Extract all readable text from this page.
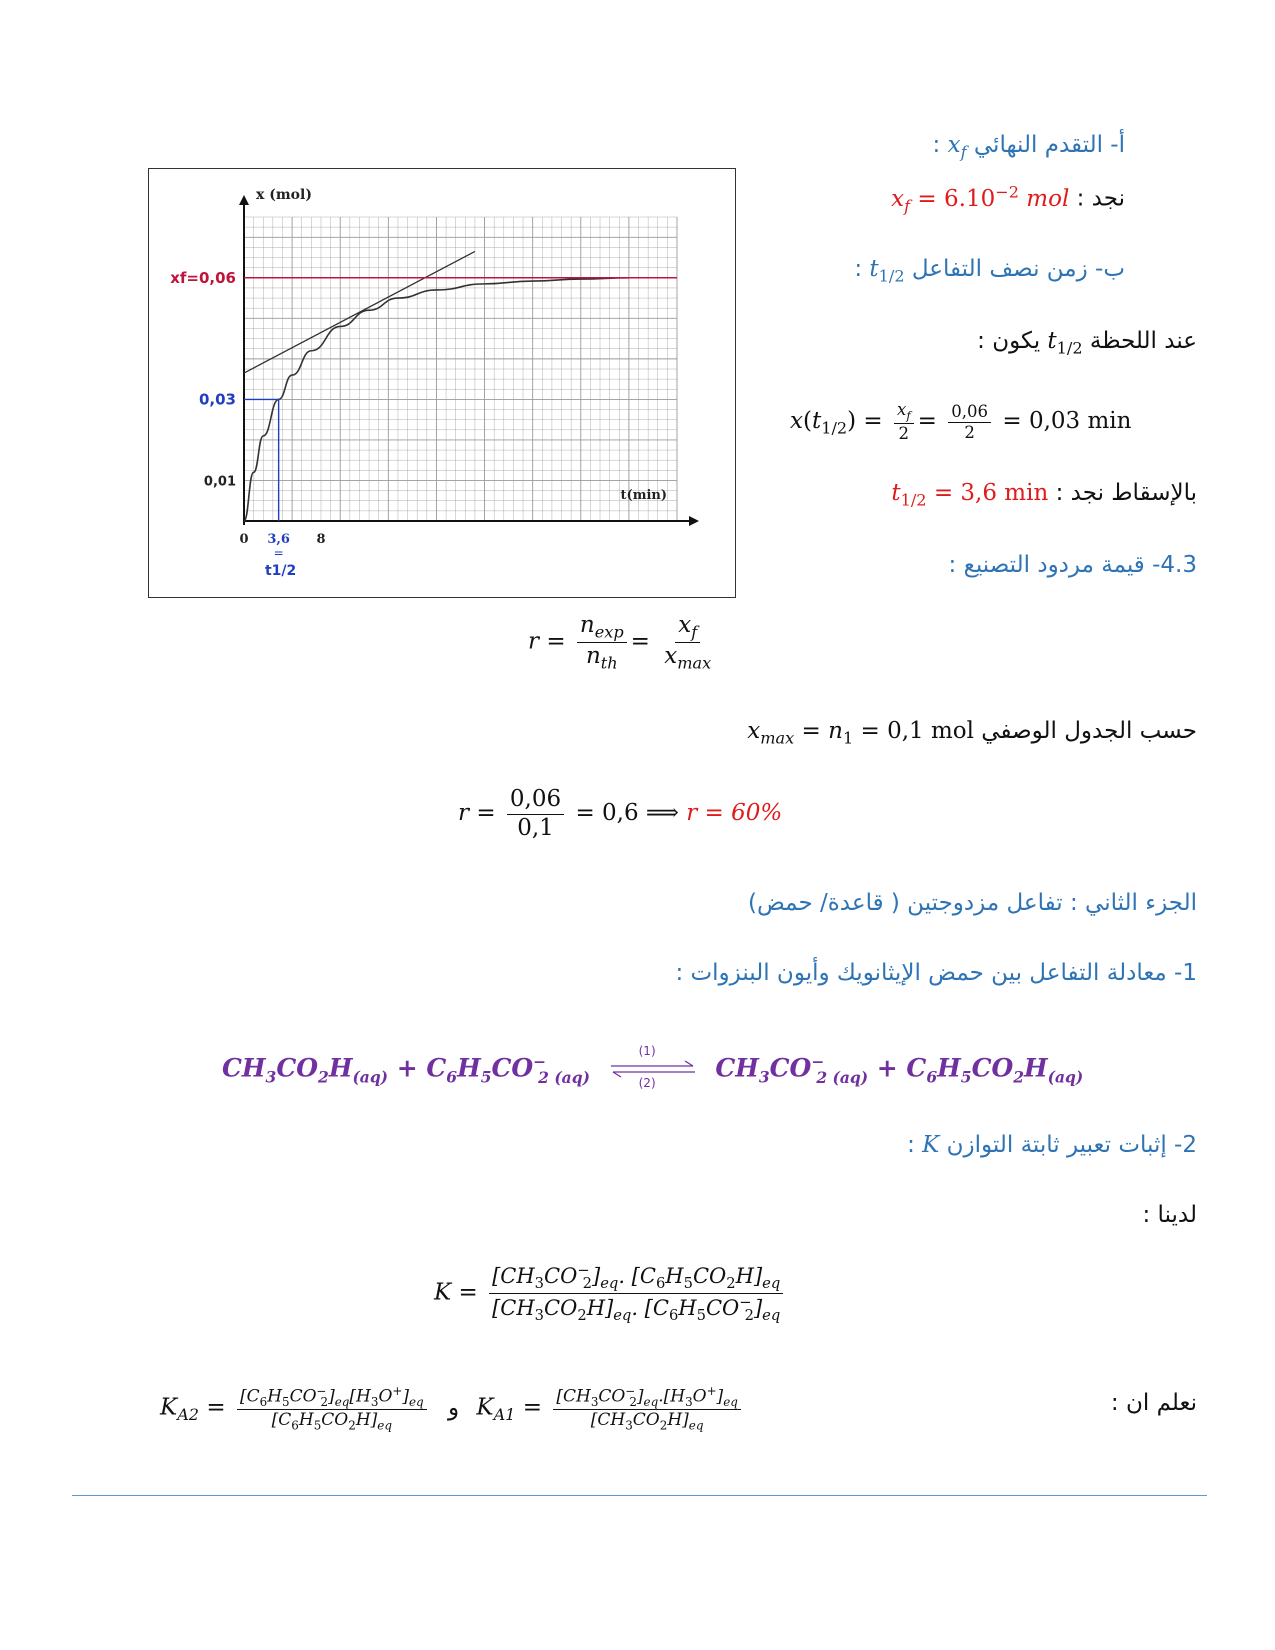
أ- التقدم النهائي $x_f$ :
نجد : $x_f = 6.10^{-2}$ mol
ب- زمن نصف التفاعل $t_{1/2}$ :
عند اللحظة $t_{1/2}$ يكون :
$x(t_{1/2}) = \frac{x_f}{2} = \frac{0,06}{2} = 0,03$ min
بالإسقاط نجد : $t_{1/2} = 3,6$ min
4.3- قيمة مردود التصنيع :
0 3,6 8
0,01
0,03
xf=0,06
x (mol)
t(min)
=
t1/2
$r = \frac{n_{exp}}{n_{th}} = \frac{x_f}{x_{max}}$
حسب الجدول الوصفي $x_{max} = n_1 = 0,1$ mol
$r = \frac{0,06}{0,1} = 0,6$ ⟹ r = 60%
الجزء الثاني : تفاعل مزدوجتين ( قاعدة/ حمض)
1- معادلة التفاعل بين حمض الإيثانويك وأيون البنزوات :
$CH_3CO_2H_{(aq)} + C_6H_5CO^-_{2 (aq)}$
(1)
(2)
$CH_3CO^-_{2 (aq)} + C_6H_5CO_2H_{(aq)}$
2- إثبات تعبير ثابتة التوازن K :
لدينا :
$K = \frac{[CH_3CO^-_2]_{eq}. [C_6H_5CO_2H]_{eq}}{[CH_3CO_2H]_{eq}. [C_6H_5CO^-_2]_{eq}}$
$K_{A2} = \frac{[C_6H_5CO^-_2]_{eq}[H_3O^+]_{eq}}{[C_6H_5CO_2H]_{eq}}$ و $K_{A1} = \frac{[CH_3CO^-_2]_{eq}.[H_3O^+]_{eq}}{[CH_3CO_2H]_{eq}}$	نعلم ان :
